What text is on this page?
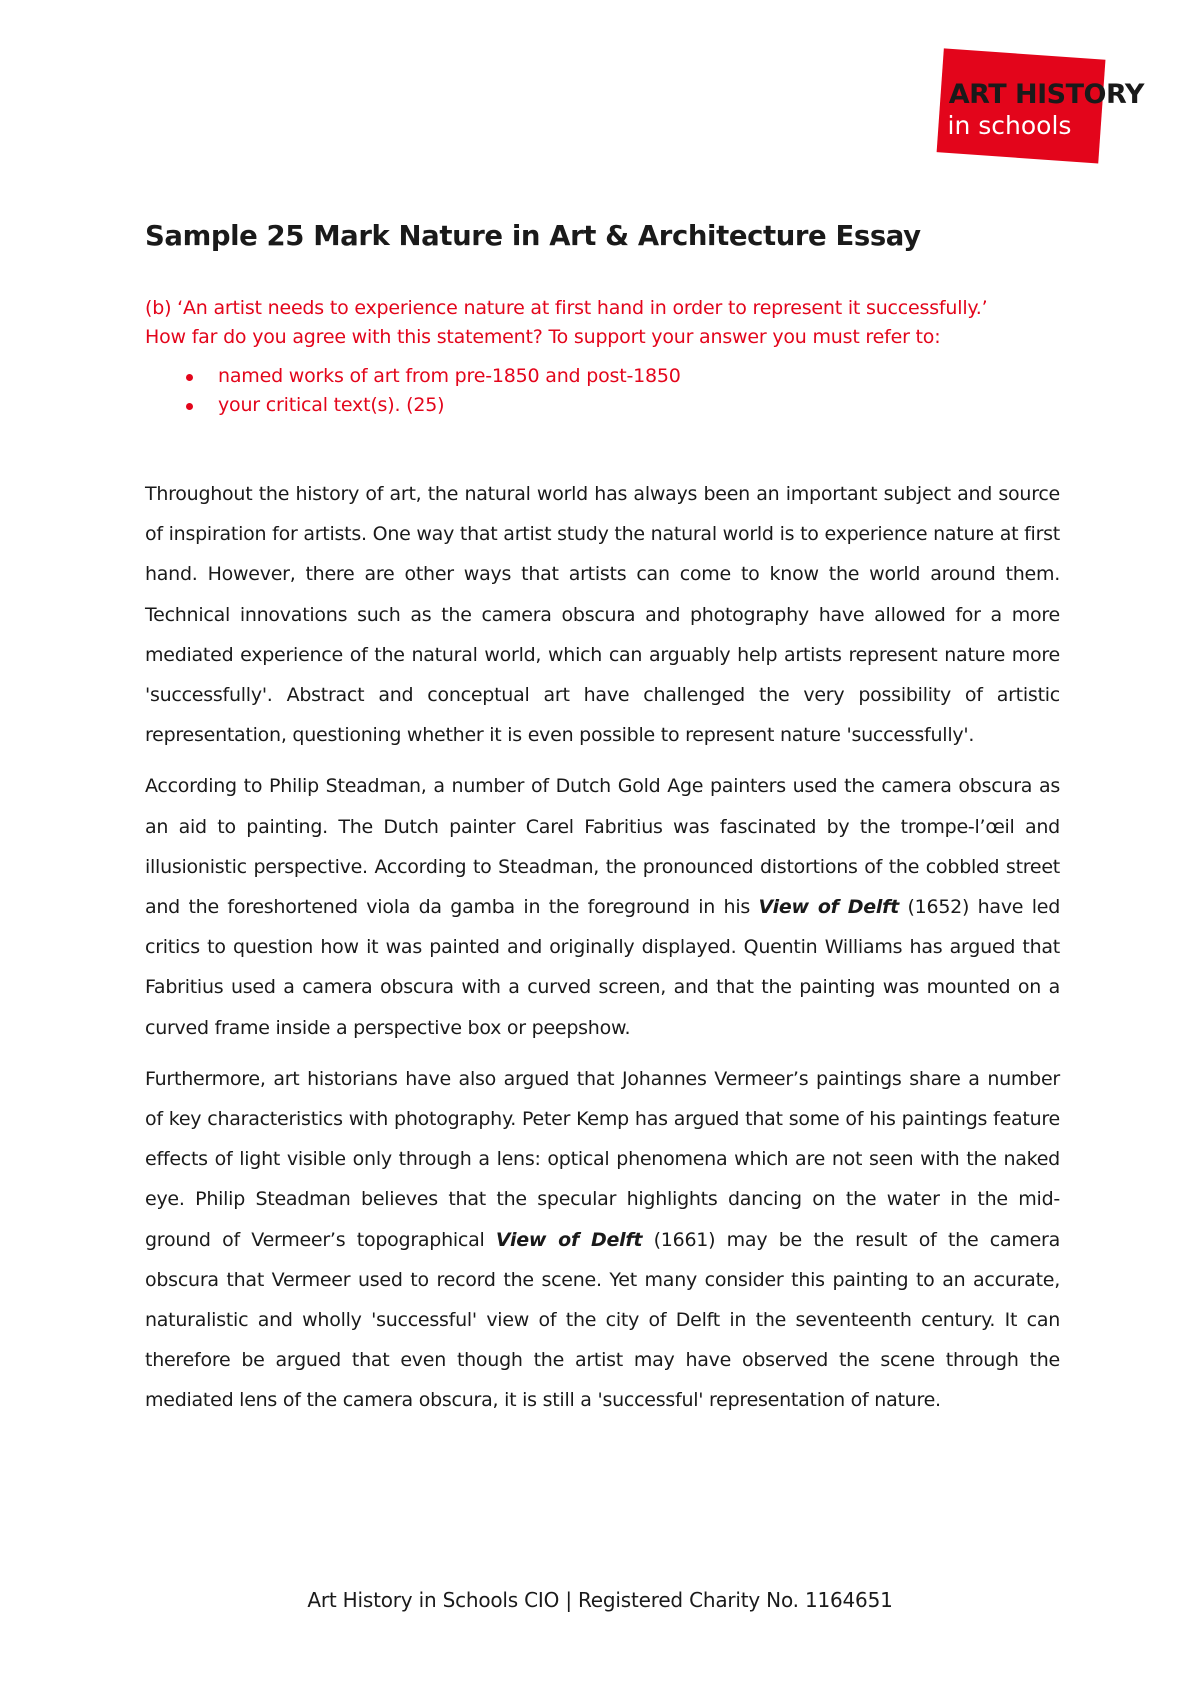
ART HISTORY
in schools
Sample 25 Mark Nature in Art & Architecture Essay

(b) ‘An artist needs to experience nature at first hand in order to represent it successfully.’

How far do you agree with this statement? To support your answer you must refer to:

named works of art from pre-1850 and post-1850
your critical text(s). (25)

Throughout the history of art, the natural world has always been an important subject and source of inspiration for artists. One way that artist study the natural world is to experience nature at first hand. However, there are other ways that artists can come to know the world around them. Technical innovations such as the camera obscura and photography have allowed for a more mediated experience of the natural world, which can arguably help artists represent nature more 'successfully'. Abstract and conceptual art have challenged the very possibility of artistic representation, questioning whether it is even possible to represent nature 'successfully'.

According to Philip Steadman, a number of Dutch Gold Age painters used the camera obscura as an aid to painting. The Dutch painter Carel Fabritius was fascinated by the trompe-l’œil and illusionistic perspective. According to Steadman, the pronounced distortions of the cobbled street and the foreshortened viola da gamba in the foreground in his View of Delft (1652) have led critics to question how it was painted and originally displayed. Quentin Williams has argued that Fabritius used a camera obscura with a curved screen, and that the painting was mounted on a curved frame inside a perspective box or peepshow.

Furthermore, art historians have also argued that Johannes Vermeer’s paintings share a number of key characteristics with photography. Peter Kemp has argued that some of his paintings feature effects of light visible only through a lens: optical phenomena which are not seen with the naked eye. Philip Steadman believes that the specular highlights dancing on the water in the mid-ground of Vermeer’s topographical View of Delft (1661) may be the result of the camera obscura that Vermeer used to record the scene. Yet many consider this painting to an accurate, naturalistic and wholly 'successful' view of the city of Delft in the seventeenth century. It can therefore be argued that even though the artist may have observed the scene through the mediated lens of the camera obscura, it is still a 'successful' representation of nature.

Art History in Schools CIO | Registered Charity No. 1164651
